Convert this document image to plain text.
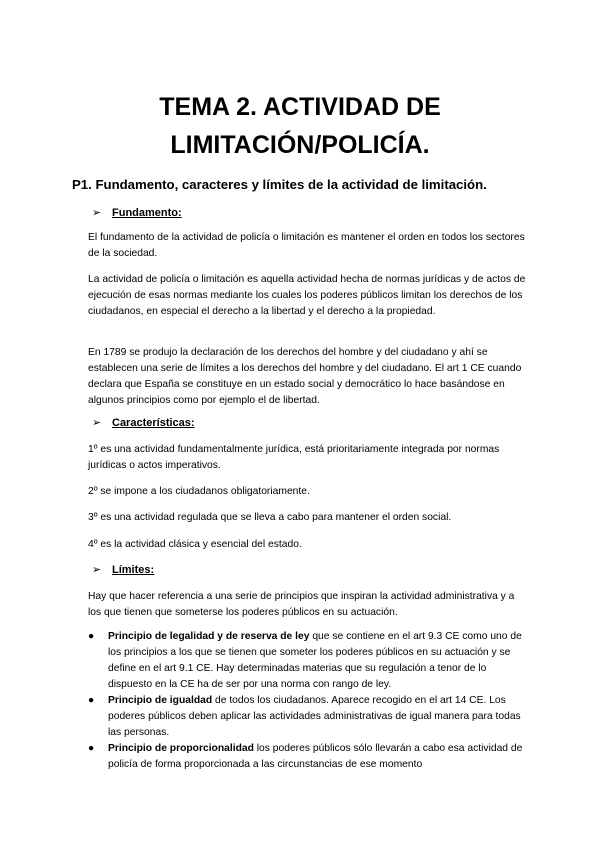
TEMA 2. ACTIVIDAD DE
LIMITACIÓN/POLICÍA.
P1. Fundamento, caracteres y límites de la actividad de limitación.
➢ Fundamento:

El fundamento de la actividad de policía o limitación es mantener el orden en todos los sectores de la sociedad.

La actividad de policía o limitación es aquella actividad hecha de normas jurídicas y de actos de ejecución de esas normas mediante los cuales los poderes públicos limitan los derechos de los ciudadanos, en especial el derecho a la libertad y el derecho a la propiedad.

En 1789 se produjo la declaración de los derechos del hombre y del ciudadano y ahí se establecen una serie de límites a los derechos del hombre y del ciudadano. El art 1 CE cuando declara que España se constituye en un estado social y democrático lo hace basándose en algunos principios como por ejemplo el de libertad.

➢ Características:

1º es una actividad fundamentalmente jurídica, está prioritariamente integrada por normas jurídicas o actos imperativos.

2º se impone a los ciudadanos obligatoriamente.

3º es una actividad regulada que se lleva a cabo para mantener el orden social.

4º es la actividad clásica y esencial del estado.

➢ Límites:

Hay que hacer referencia a una serie de principios que inspiran la actividad administrativa y a los que tienen que someterse los poderes públicos en su actuación.

● Principio de legalidad y de reserva de ley que se contiene en el art 9.3 CE como uno de los principios a los que se tienen que someter los poderes públicos en su actuación y se define en el art 9.1 CE. Hay determinadas materias que su regulación a tenor de lo dispuesto en la CE ha de ser por una norma con rango de ley.
● Principio de igualdad de todos los ciudadanos. Aparece recogido en el art 14 CE. Los poderes públicos deben aplicar las actividades administrativas de igual manera para todas las personas.
● Principio de proporcionalidad los poderes públicos sólo llevarán a cabo esa actividad de policía de forma proporcionada a las circunstancias de ese momento
